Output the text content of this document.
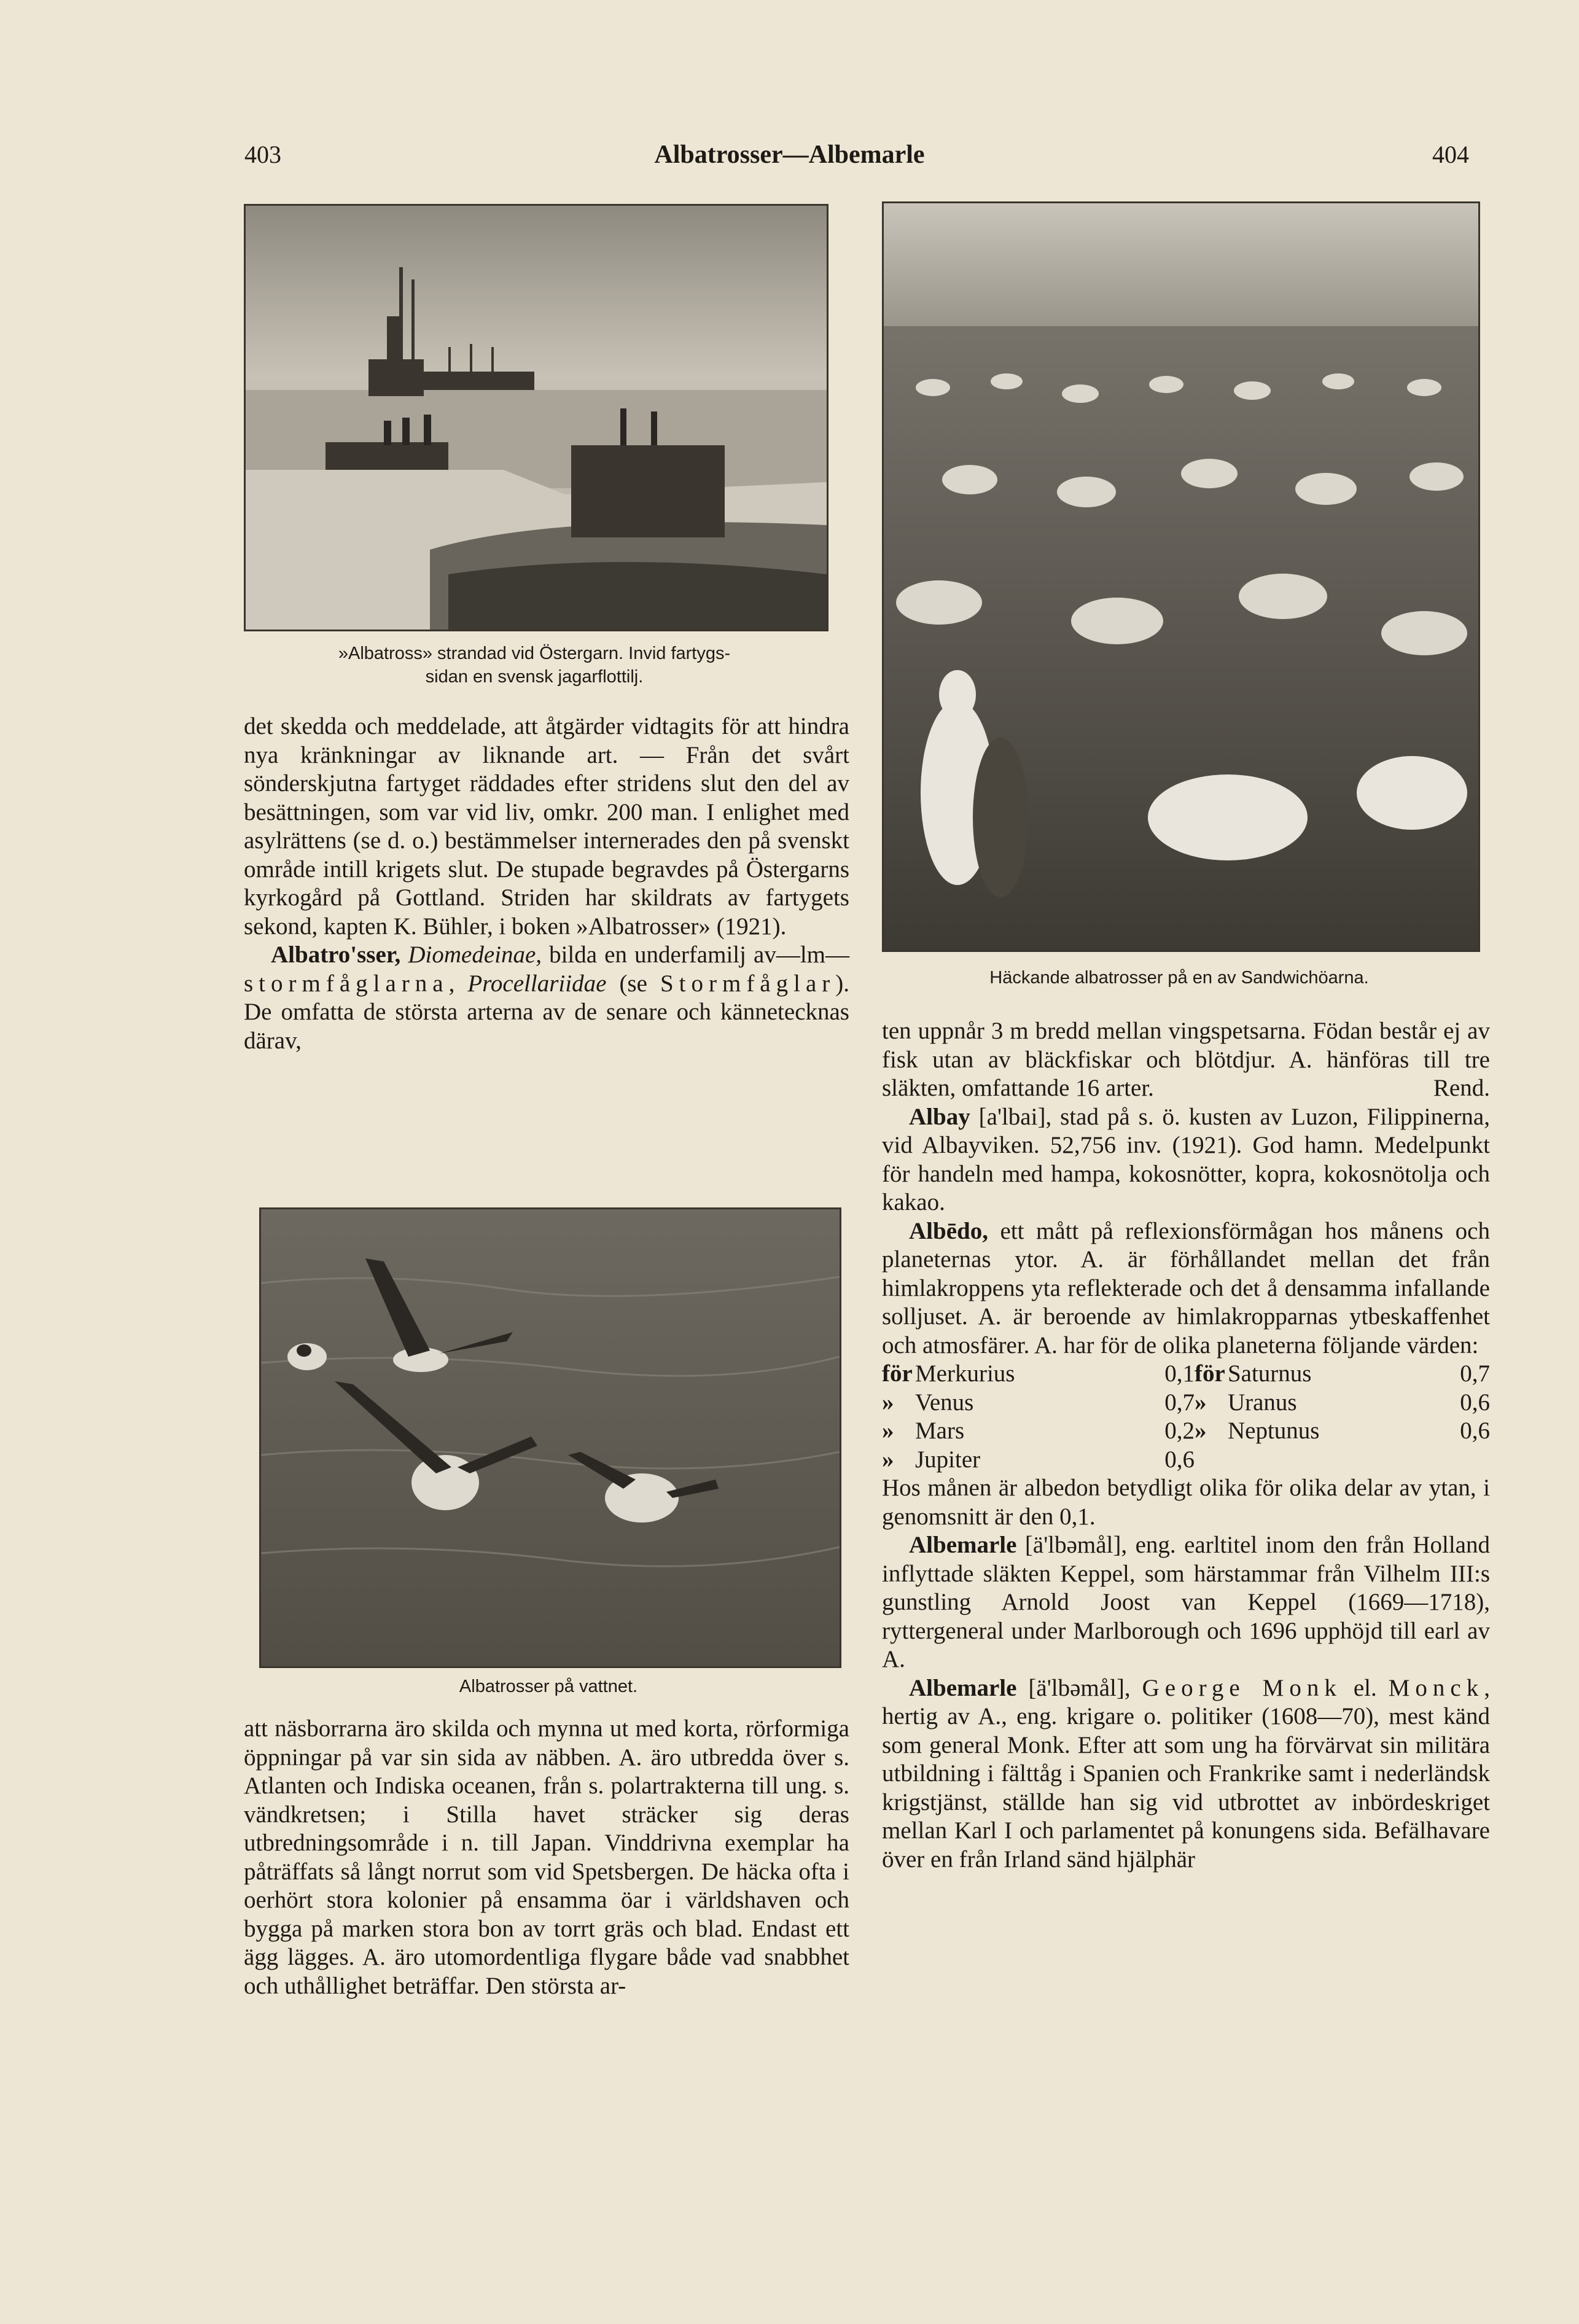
403	Albatrosser—Albemarle	404
»Albatross» strandad vid Östergarn. Invid fartygs-
sidan en svensk jagarflottilj.
Häckande albatrosser på en av Sandwichöarna.

det skedda och meddelade, att åtgärder vidtagits för att hindra nya kränkningar av liknande art. — Från det svårt sönderskjutna fartyget räddades efter stridens slut den del av besättningen, som var vid liv, omkr. 200 man. I enlighet med asylrättens (se d. o.) bestämmelser internerades den på svenskt område intill krigets slut. De stupade begravdes på Östergarns kyrkogård på Gottland. Striden har skildrats av fartygets sekond, kapten K. Bühler, i boken »Albatrosser» (1921).
—lm—

Albatro'sser, Diomedeinae, bilda en underfamilj av stormfåglarna, Procellariidae (se Stormfåglar). De omfatta de största arterna av de senare och kännetecknas därav,

Albatrosser på vattnet.

att näsborrarna äro skilda och mynna ut med korta, rörformiga öppningar på var sin sida av näbben. A. äro utbredda över s. Atlanten och Indiska oceanen, från s. polartrakterna till ung. s. vändkretsen; i Stilla havet sträcker sig deras utbredningsområde i n. till Japan. Vinddrivna exemplar ha påträffats så långt norrut som vid Spetsbergen. De häcka ofta i oerhört stora kolonier på ensamma öar i världshaven och bygga på marken stora bon av torrt gräs och blad. Endast ett ägg lägges. A. äro utomordentliga flygare både vad snabbhet och uthållighet beträffar. Den största ar-

ten uppnår 3 m bredd mellan vingspetsarna. Födan består ej av fisk utan av bläckfiskar och blötdjur. A. hänföras till tre släkten, omfattande 16 arter.	Rend.

Albay [a'lbai], stad på s. ö. kusten av Luzon, Filippinerna, vid Albayviken. 52,756 inv. (1921). God hamn. Medelpunkt för handeln med hampa, kokosnötter, kopra, kokosnötolja och kakao.

Albēdo, ett mått på reflexionsförmågan hos månens och planeternas ytor. A. är förhållandet mellan det från himlakroppens yta reflekterade och det å densamma infallande solljuset. A. är beroende av himlakropparnas ytbeskaffenhet och atmosfärer. A. har för de olika planeterna följande värden:

för	Merkurius	0,1	för	Saturnus	0,7
»	Venus	0,7	»	Uranus	0,6
»	Mars	0,2	»	Neptunus	0,6
»	Jupiter	0,6			

Hos månen är albedon betydligt olika för olika delar av ytan, i genomsnitt är den 0,1.

Albemarle [ä'lbəmål], eng. earltitel inom den från Holland inflyttade släkten Keppel, som härstammar från Vilhelm III:s gunstling Arnold Joost van Keppel (1669—1718), ryttergeneral under Marlborough och 1696 upphöjd till earl av A.

Albemarle [ä'lbəmål], George Monk el. Monck, hertig av A., eng. krigare o. politiker (1608—70), mest känd som general Monk. Efter att som ung ha förvärvat sin militära utbildning i fälttåg i Spanien och Frankrike samt i nederländsk krigstjänst, ställde han sig vid utbrottet av inbördeskriget mellan Karl I och parlamentet på konungens sida. Befälhavare över en från Irland sänd hjälphär
